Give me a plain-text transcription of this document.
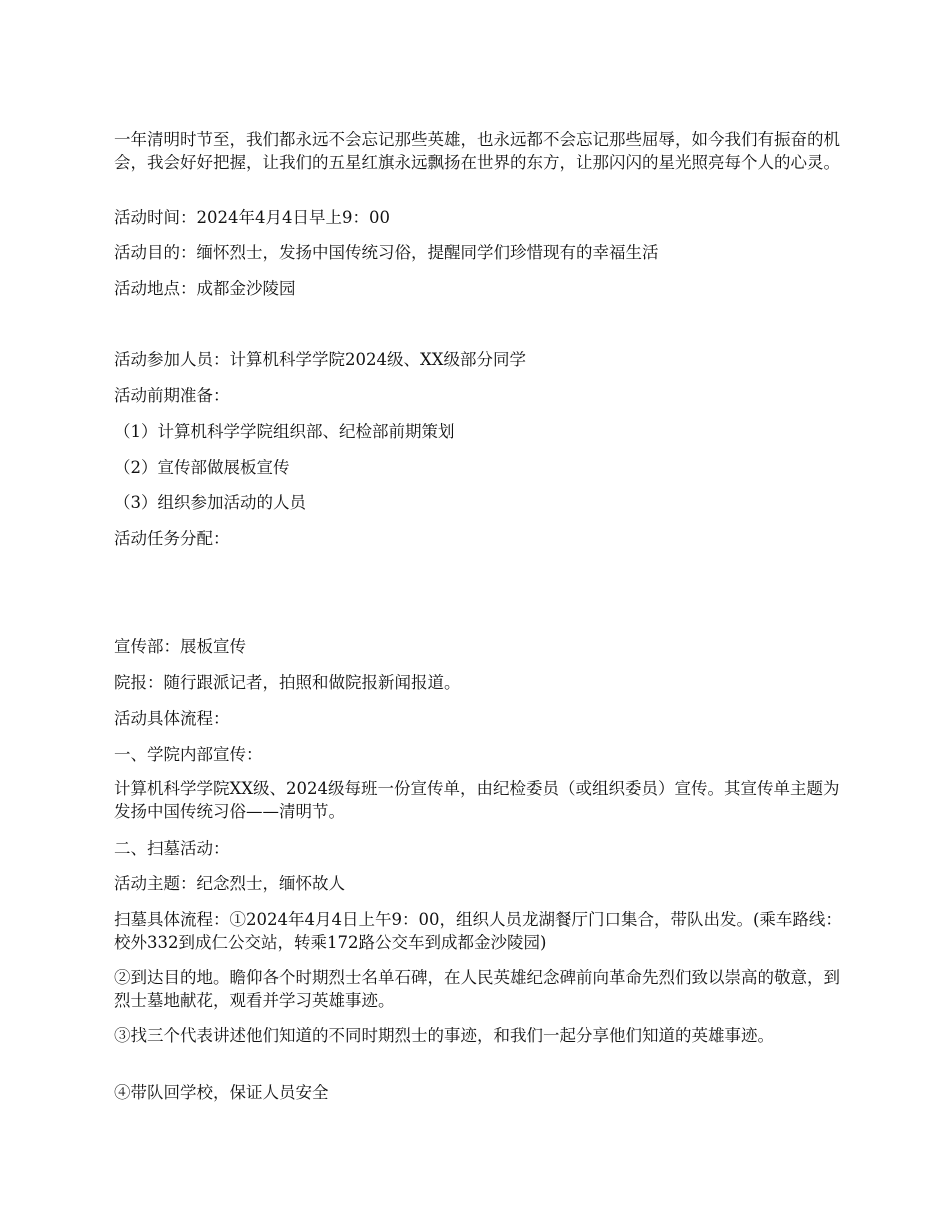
一年清明时节至，我们都永远不会忘记那些英雄，也永远都不会忘记那些屈辱，如今我们有振奋的机会，我会好好把握，让我们的五星红旗永远飘扬在世界的东方，让那闪闪的星光照亮每个人的心灵。

活动时间：2024年4月4日早上9：00

活动目的：缅怀烈士，发扬中国传统习俗，提醒同学们珍惜现有的幸福生活

活动地点：成都金沙陵园

活动参加人员：计算机科学学院2024级、XX级部分同学

活动前期准备：

（1）计算机科学学院组织部、纪检部前期策划

（2）宣传部做展板宣传

（3）组织参加活动的人员

活动任务分配：

宣传部：展板宣传

院报：随行跟派记者，拍照和做院报新闻报道。

活动具体流程：

一、学院内部宣传：

计算机科学学院XX级、2024级每班一份宣传单，由纪检委员（或组织委员）宣传。其宣传单主题为发扬中国传统习俗——清明节。

二、扫墓活动：

活动主题：纪念烈士，缅怀故人

扫墓具体流程：①2024年4月4日上午9：00，组织人员龙湖餐厅门口集合，带队出发。(乘车路线：校外332到成仁公交站，转乘172路公交车到成都金沙陵园)

②到达目的地。瞻仰各个时期烈士名单石碑，在人民英雄纪念碑前向革命先烈们致以崇高的敬意，到烈士墓地献花，观看并学习英雄事迹。

③找三个代表讲述他们知道的不同时期烈士的事迹，和我们一起分享他们知道的英雄事迹。

④带队回学校，保证人员安全
